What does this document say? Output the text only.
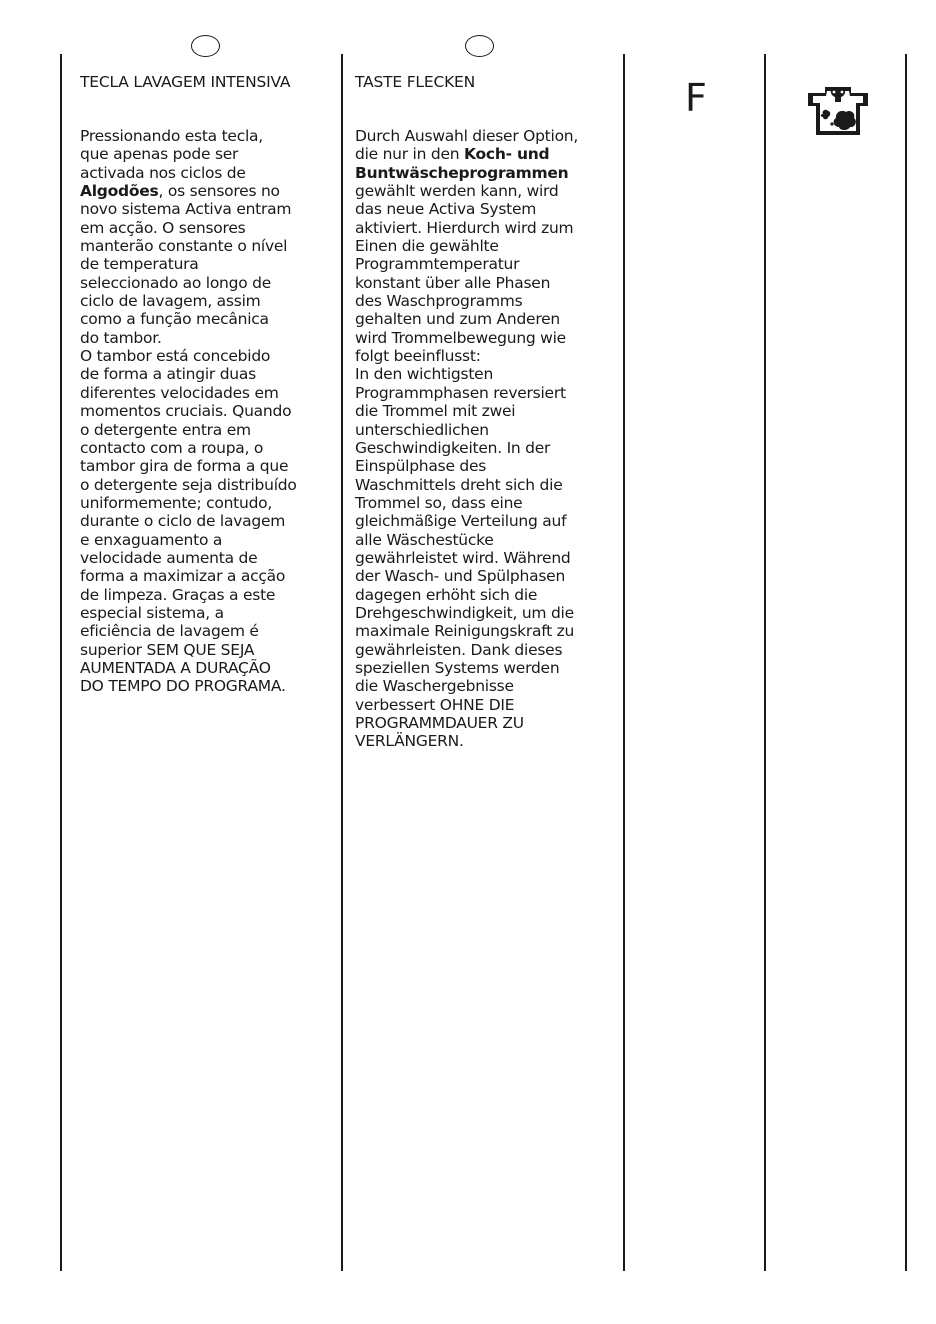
TECLA LAVAGEM INTENSIVA
Pressionando esta tecla,
que apenas pode ser
activada nos ciclos de
Algodões, os sensores no
novo sistema Activa entram
em acção. O sensores
manterão constante o nível
de temperatura
seleccionado ao longo de
ciclo de lavagem, assim
como a função mecânica
do tambor.
O tambor está concebido
de forma a atingir duas
diferentes velocidades em
momentos cruciais. Quando
o detergente entra em
contacto com a roupa, o
tambor gira de forma a que
o detergente seja distribuído
uniformemente; contudo,
durante o ciclo de lavagem
e enxaguamento a
velocidade aumenta de
forma a maximizar a acção
de limpeza. Graças a este
especial sistema, a
eficiência de lavagem é
superior SEM QUE SEJA
AUMENTADA A DURAÇÃO
DO TEMPO DO PROGRAMA.
TASTE FLECKEN
Durch Auswahl dieser Option,
die nur in den Koch- und
Buntwäscheprogrammen
gewählt werden kann, wird
das neue Activa System
aktiviert. Hierdurch wird zum
Einen die gewählte
Programmtemperatur
konstant über alle Phasen
des Waschprogramms
gehalten und zum Anderen
wird Trommelbewegung wie
folgt beeinflusst:
In den wichtigsten
Programmphasen reversiert
die Trommel mit zwei
unterschiedlichen
Geschwindigkeiten. In der
Einspülphase des
Waschmittels dreht sich die
Trommel so, dass eine
gleichmäßige Verteilung auf
alle Wäschestücke
gewährleistet wird. Während
der Wasch- und Spülphasen
dagegen erhöht sich die
Drehgeschwindigkeit, um die
maximale Reinigungskraft zu
gewährleisten. Dank dieses
speziellen Systems werden
die Waschergebnisse
verbessert OHNE DIE
PROGRAMMDAUER ZU
VERLÄNGERN.
F
